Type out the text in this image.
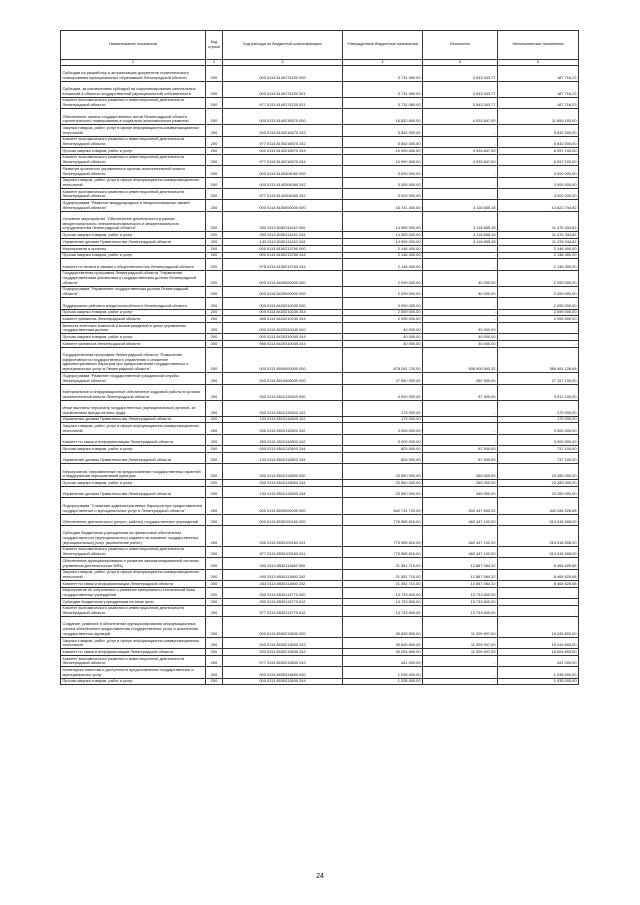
Наименование показателя	Код строки	Код расхода по бюджетной классификации	Утвержденные бюджетные назначения	Исполнено	Неисполненные назначения
1	2	3	4	5	6
Субсидии на разработку и актуализацию документов стратегического планирования муниципальных образований Ленинградской области	200	000 0113 8140174220 000	3 731 060,00	3 543 343,77	187 716,23
Субсидии, за исключением субсидий на софинансирование капитальных вложений в объекты государственной (муниципальной) собственности	200	000 0113 8140174220 521	3 731 060,00	3 543 343,77	187 716,23
Комитет экономического развития и инвестиционной деятельности Ленинградской области	200	977 0113 8140174220 521	3 731 060,00	3 543 343,77	187 716,23
Обеспечение записи государственных актов Ленинградской области стратегического планирования в социально-экономическом развитии	200	000 0113 8140216570 000	16 832 840,00	4 933 647,00	11 899 193,00
Закупка товаров, работ, услуг в сфере информационно-коммуникационных технологий	200	000 0113 8140216570 242	5 842 000,00	-	5 842 000,00
Комитет экономического развития и инвестиционной деятельности Ленинградской области	200	977 0113 8140216570 242	5 842 000,00	-	5 842 000,00
Прочая закупка товаров, работ и услуг	200	000 0113 8140216570 244	10 990 840,00	4 933 647,00	6 057 193,00
Комитет экономического развития и инвестиционной деятельности Ленинградской области	200	977 0113 8140216570 244	10 990 840,00	4 933 647,00	6 057 193,00
Развитие проектного управления в органах исполнительной власти Ленинградской области	200	000 0113 8140304060 000	3 000 000,00	-	3 000 000,00
Закупка товаров, работ, услуг в сфере информационно-коммуникационных технологий	200	000 0113 8140304060 242	3 000 000,00	-	3 000 000,00
Комитет экономического развития и инвестиционной деятельности Ленинградской области	200	977 0113 8140304060 242	3 000 000,00	-	3 000 000,00
Подпрограмма "Развитие международных и межрегиональных связей Ленинградской области"	200	000 0113 8150000000 000	16 741 400,00	3 118 655,18	13 622 744,82
Основное мероприятие "Обеспечение деятельности в рамках межрегионального, внешнеэкономического и межрегионального сотрудничества Ленинградской области"	200	000 0113 8150111240 000	14 595 000,00	3 118 655,18	11 476 344,82
Прочая закупка товаров, работ и услуг	200	000 0113 8150111240 244	14 595 000,00	3 118 655,18	11 476 344,82
Управление делами Правительства Ленинградской области	200	133 0113 8150111240 244	14 595 000,00	3 118 655,18	11 476 344,82
Мероприятия и проекты	200	000 0113 8150213760 000	2 146 400,00	-	2 146 400,00
Прочая закупка товаров, работ и услуг	200	000 0113 8150213760 244	2 146 400,00	-	2 146 400,00
Комитет по печати и связям с общественностью Ленинградской области	200	975 0113 8150213760 244	2 146 400,00	-	2 146 400,00
Государственная программа Ленинградской области "Управление государственными финансами и государственным долгом Ленинградской области"	200	000 0113 8400000000 000	2 099 000,00	40 000,00	2 059 000,00
Подпрограмма "Управление государственным долгом Ленинградской области"	200	000 0113 8420000000 000	2 099 000,00	40 000,00	2 059 000,00
Поддержание рейтинга кредитоспособности Ленинградской области	200	000 0113 8420210030 000	2 059 000,00	-	2 059 000,00
Прочая закупка товаров, работ и услуг	200	000 0113 8420210030 244	2 059 000,00	-	2 059 000,00
Комитет финансов Ленинградской области	200	985 0113 8420210030 244	2 059 000,00	-	2 059 000,00
Выплата агентских комиссий и вознаграждений в целях управления государственным долгом	200	000 0113 8420310040 000	40 000,00	40 000,00	-
Прочая закупка товаров, работ и услуг	200	000 0113 8420310040 244	40 000,00	40 000,00	-
Комитет финансов Ленинградской области	200	985 0113 8420310040 244	40 000,00	40 000,00	-
Государственная программа Ленинградской области "Повышение эффективности государственного управления и снижение административных барьеров при предоставлении государственных и муниципальных услуг в Ленинградской области"	200	000 0113 8500000000 000	878 281 720,00	508 900 593,32	369 481 126,68
Подпрограмма "Развитие государственной гражданской службы Ленинградской области"	200	000 0113 8510000000 000	27 550 000,00	352 900,00	27 197 100,00
Материальное и информационное обеспечение кадровой работы в органах исполнительной власти Ленинградской области	200	000 0113 8510112600 000	4 000 000,00	87 900,00	3 912 100,00
Иные выплаты персоналу государственных (муниципальных) органов, за исключением фонда оплаты труда	200	000 0113 8510112600 122	175 000,00	-	175 000,00
Управление делами Правительства Ленинградской области	200	133 0113 8510112600 122	175 000,00	-	175 000,00
Закупка товаров, работ, услуг в сфере информационно-коммуникационных технологий	200	000 0113 8510112600 242	3 000 000,00	-	3 000 000,00
Комитет по связи и информатизации Ленинградской области	200	253 0113 8510112600 242	3 000 000,00	-	3 000 000,00
Прочая закупка товаров, работ и услуг	200	000 0113 8510112600 244	825 000,00	87 900,00	737 100,00
Управление делами Правительства Ленинградской области	200	133 0113 8510112600 244	825 000,00	87 900,00	737 100,00
Мероприятия, направленные на предоставление государственных гарантий и поддержание корпоративной культуры	200	000 0113 8510113550 000	23 550 000,00	265 000,00	23 285 000,00
Прочая закупка товаров, работ и услуг	200	000 0113 8510113550 244	23 550 000,00	265 000,00	23 285 000,00
Управление делами Правительства Ленинградской области	200	133 0113 8510113550 244	23 550 000,00	265 000,00	23 285 000,00
Подпрограмма "Снижение административных барьеров при предоставлении государственных и муниципальных услуг в Ленинградской области"	200	000 0113 8530000000 000	842 731 720,00	500 447 693,32	342 284 026,68
Обеспечение деятельности (услуги, работы) государственных учреждений	200	000 0113 8530100160 000	776 965 610,00	462 447 102,00	313 518 508,00
Субсидии бюджетным учреждениям на финансовое обеспечение государственного (муниципального) задания на оказание государственных (муниципальных) услуг (выполнение работ)	200	000 0113 8530100160 611	775 965 610,00	462 447 102,00	313 518 508,00
Комитет экономического развития и инвестиционной деятельности Ленинградской области	200	977 0113 8530100160 611	775 965 610,00	462 447 102,00	313 518 508,00
Обеспечение функционирования и развития автоматизированной системы управления деятельностью МФЦ	200	000 0113 8530111660 000	21 351 710,00	12 887 084,32	8 464 625,68
Закупка товаров, работ, услуг в сфере информационно-коммуникационных технологий	200	000 0113 8530111660 242	21 351 710,00	12 887 084,32	8 464 625,68
Комитет по связи и информатизации Ленинградской области	200	253 0113 8530111660 242	21 351 710,00	12 887 084,32	8 464 625,68
Мероприятия по сохранению и развитию материально-технической базы государственных учреждений	200	000 0113 8530113770 000	13 733 600,00	13 733 600,00	-
Субсидии бюджетным учреждениям на иные цели	200	000 0113 8530113770 612	13 733 600,00	13 733 600,00	-
Комитет экономического развития и инвестиционной деятельности Ленинградской области	200	977 0113 8530113770 612	13 733 600,00	13 733 600,00	-
Создание, развитие и обеспечение функционирования информационных систем обеспечения предоставления государственных услуг и исполнения государственных функций	200	000 0113 8530213600 000	30 645 800,00	11 399 907,00	19 245 893,00
Закупка товаров, работ, услуг в сфере информационно-коммуникационных технологий	200	000 0113 8530213600 242	30 645 800,00	11 399 907,00	19 245 893,00
Комитет по связи и информатизации Ленинградской области	200	253 0113 8530213600 242	30 204 800,00	11 399 907,00	18 804 893,00
Комитет экономического развития и инвестиционной деятельности Ленинградской области	200	977 0113 8530213600 242	441 000,00	-	441 000,00
Мониторинг качества и доступности предоставления государственных и муниципальных услуг	200	000 0113 8530313600 000	1 035 000,00	-	1 035 000,00
Прочая закупка товаров, работ и услуг	200	000 0113 8530313600 244	1 035 000,00	-	1 035 000,00
24
